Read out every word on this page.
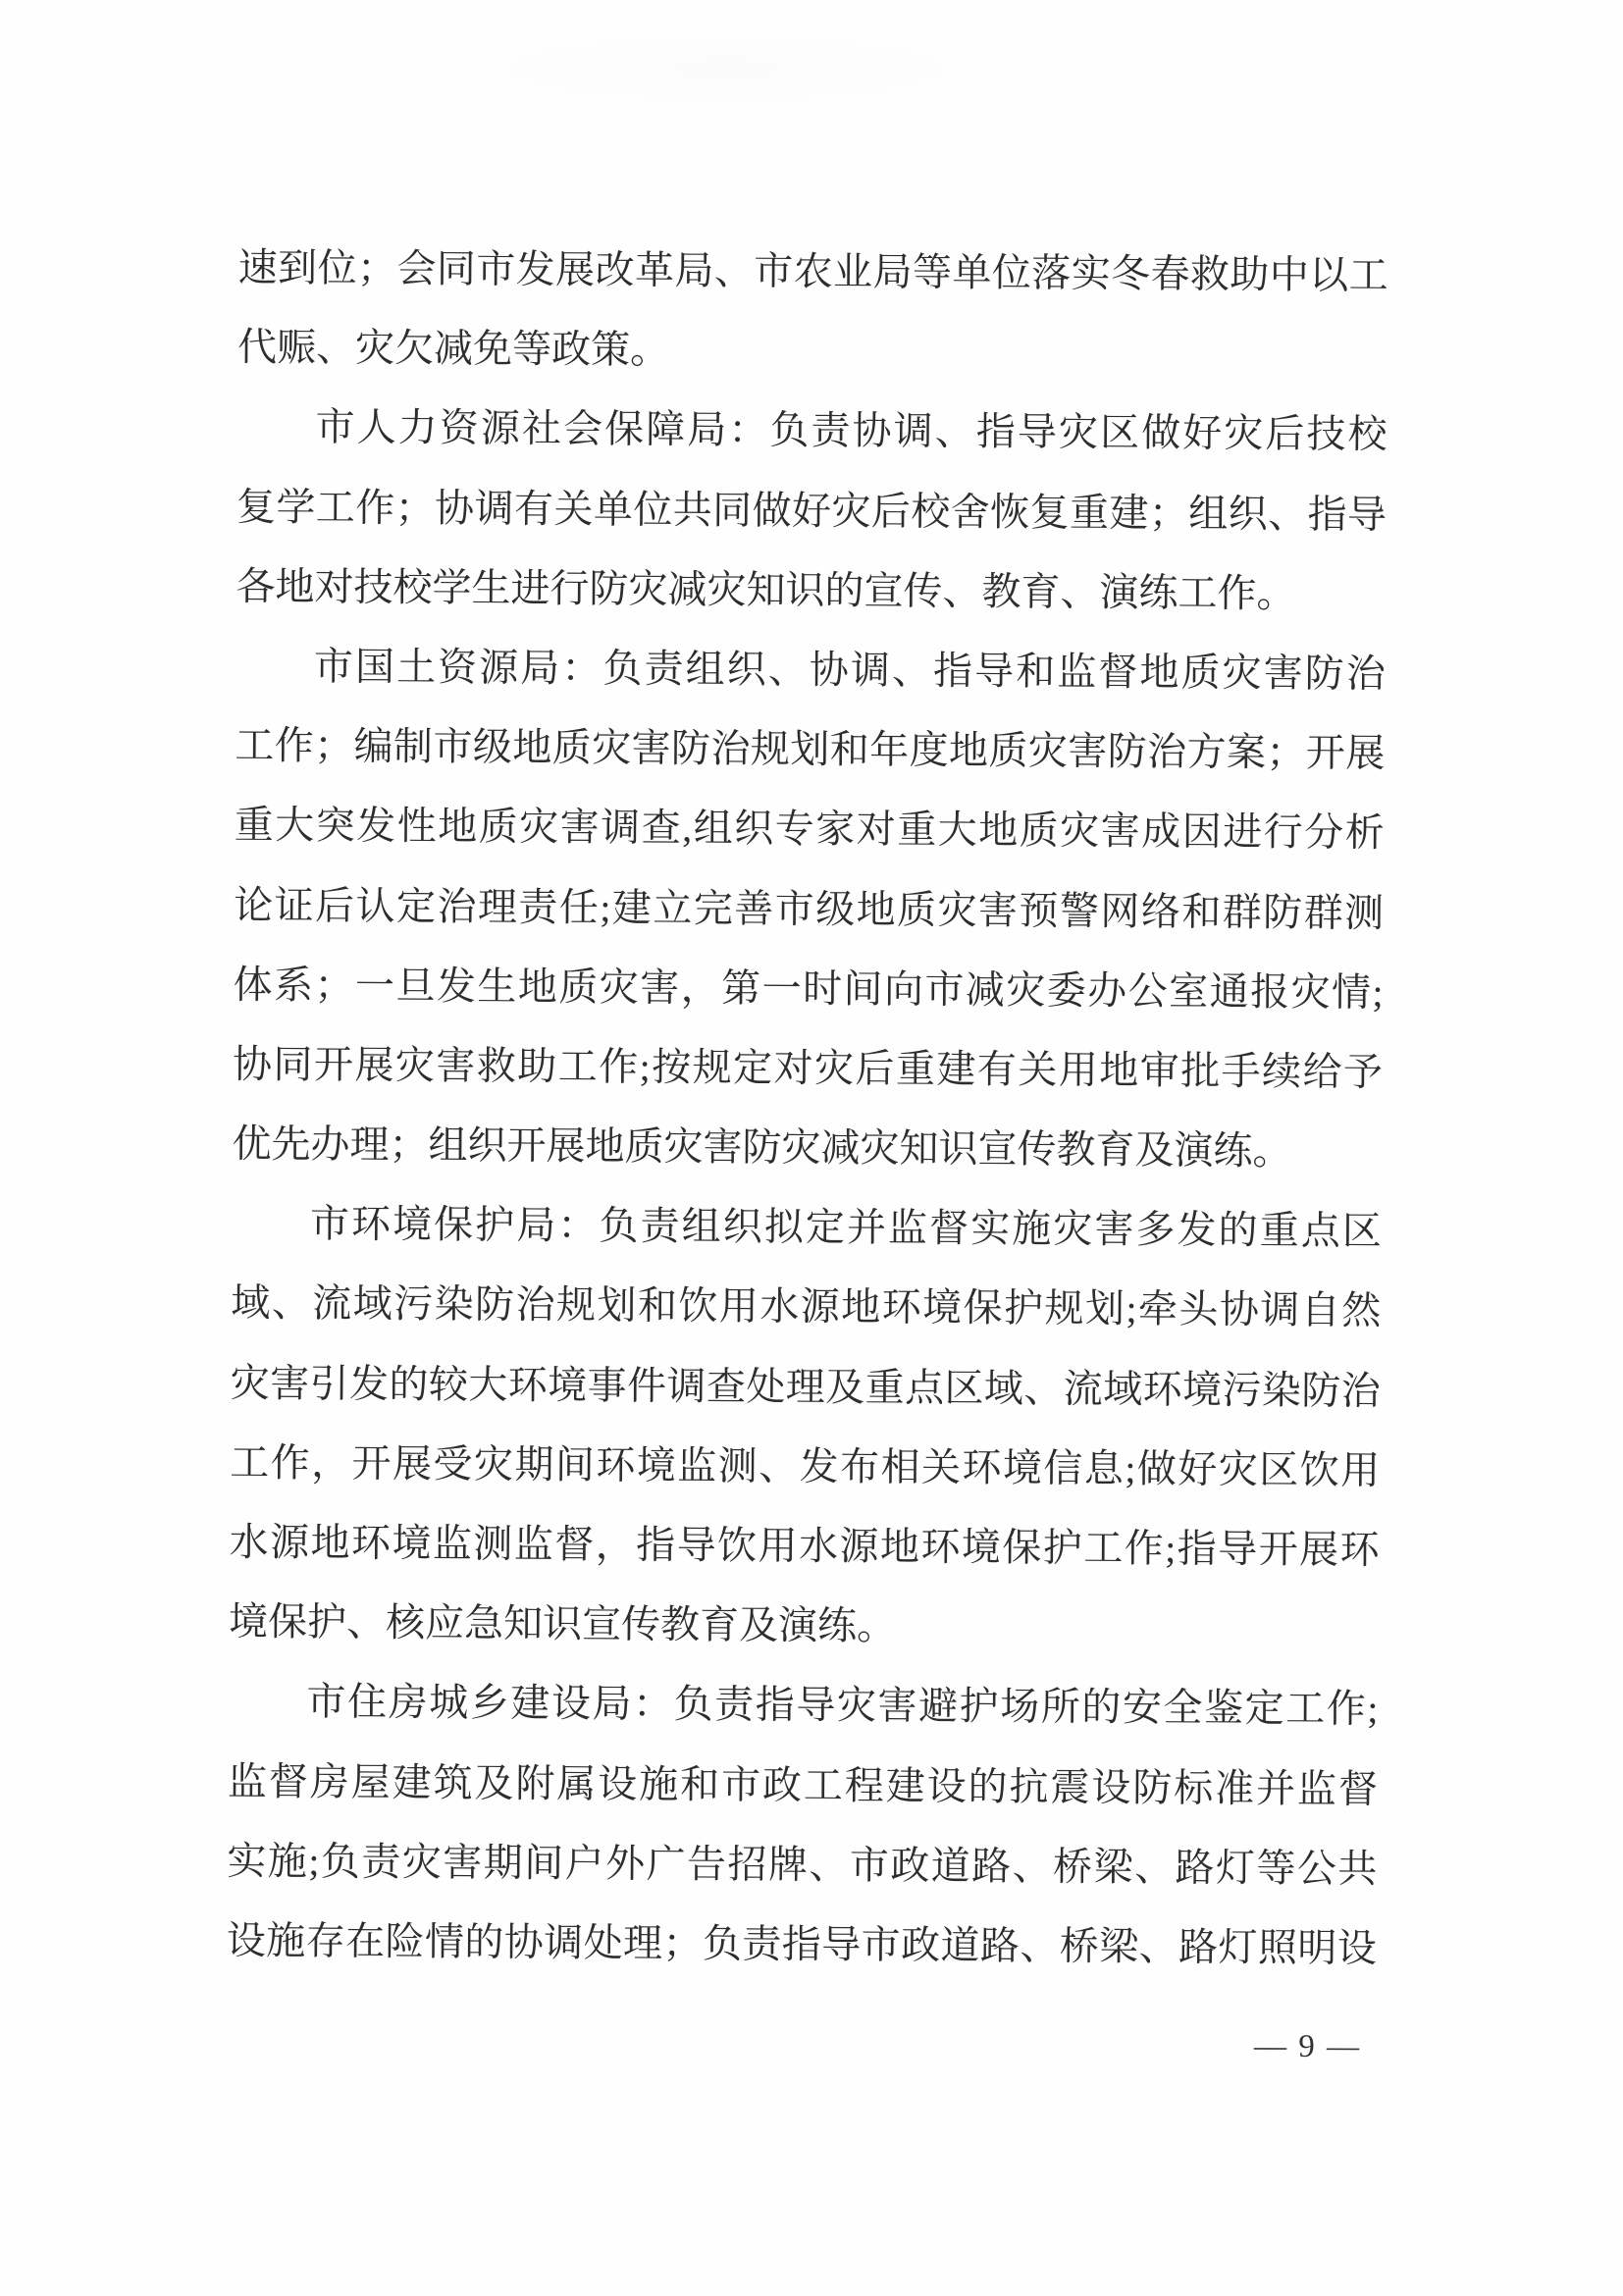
速到位；会同市发展改革局、市农业局等单位落实冬春救助中以工
代赈、灾欠减免等政策。
市人力资源社会保障局：负责协调、指导灾区做好灾后技校
复学工作；协调有关单位共同做好灾后校舍恢复重建；组织、指导
各地对技校学生进行防灾减灾知识的宣传、教育、演练工作。
市国土资源局：负责组织、协调、指导和监督地质灾害防治
工作；编制市级地质灾害防治规划和年度地质灾害防治方案；开展
重大突发性地质灾害调查,组织专家对重大地质灾害成因进行分析
论证后认定治理责任;建立完善市级地质灾害预警网络和群防群测
体系；一旦发生地质灾害，第一时间向市减灾委办公室通报灾情;
协同开展灾害救助工作;按规定对灾后重建有关用地审批手续给予
优先办理；组织开展地质灾害防灾减灾知识宣传教育及演练。
市环境保护局：负责组织拟定并监督实施灾害多发的重点区
域、流域污染防治规划和饮用水源地环境保护规划;牵头协调自然
灾害引发的较大环境事件调查处理及重点区域、流域环境污染防治
工作，开展受灾期间环境监测、发布相关环境信息;做好灾区饮用
水源地环境监测监督，指导饮用水源地环境保护工作;指导开展环
境保护、核应急知识宣传教育及演练。
市住房城乡建设局：负责指导灾害避护场所的安全鉴定工作;
监督房屋建筑及附属设施和市政工程建设的抗震设防标准并监督
实施;负责灾害期间户外广告招牌、市政道路、桥梁、路灯等公共
设施存在险情的协调处理；负责指导市政道路、桥梁、路灯照明设
— 9 —
